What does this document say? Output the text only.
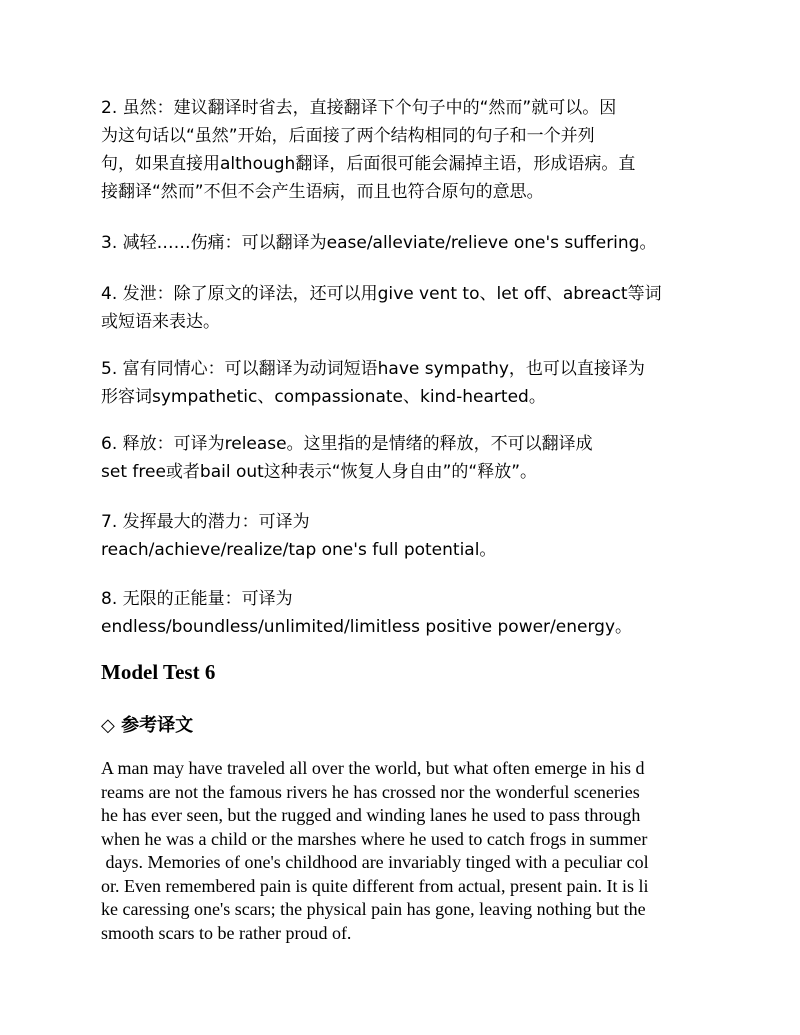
2. 虽然：建议翻译时省去，直接翻译下个句子中的“然而”就可以。因
为这句话以“虽然”开始，后面接了两个结构相同的句子和一个并列
句，如果直接用although翻译，后面很可能会漏掉主语，形成语病。直
接翻译“然而”不但不会产生语病，而且也符合原句的意思。
3. 减轻……伤痛：可以翻译为ease/alleviate/relieve one's suffering。
4. 发泄：除了原文的译法，还可以用give vent to、let off、abreact等词
或短语来表达。
5. 富有同情心：可以翻译为动词短语have sympathy，也可以直接译为
形容词sympathetic、compassionate、kind-hearted。
6. 释放：可译为release。这里指的是情绪的释放，不可以翻译成
set free或者bail out这种表示“恢复人身自由”的“释放”。
7. 发挥最大的潜力：可译为
reach/achieve/realize/tap one's full potential。
8. 无限的正能量：可译为
endless/boundless/unlimited/limitless positive power/energy。
Model Test 6
◇ 参考译文
A man may have traveled all over the world, but what often emerge in his d
reams are not the famous rivers he has crossed nor the wonderful sceneries
he has ever seen, but the rugged and winding lanes he used to pass through
when he was a child or the marshes where he used to catch frogs in summer
days. Memories of one's childhood are invariably tinged with a peculiar col
or. Even remembered pain is quite different from actual, present pain. It is li
ke caressing one's scars; the physical pain has gone, leaving nothing but the
smooth scars to be rather proud of.
